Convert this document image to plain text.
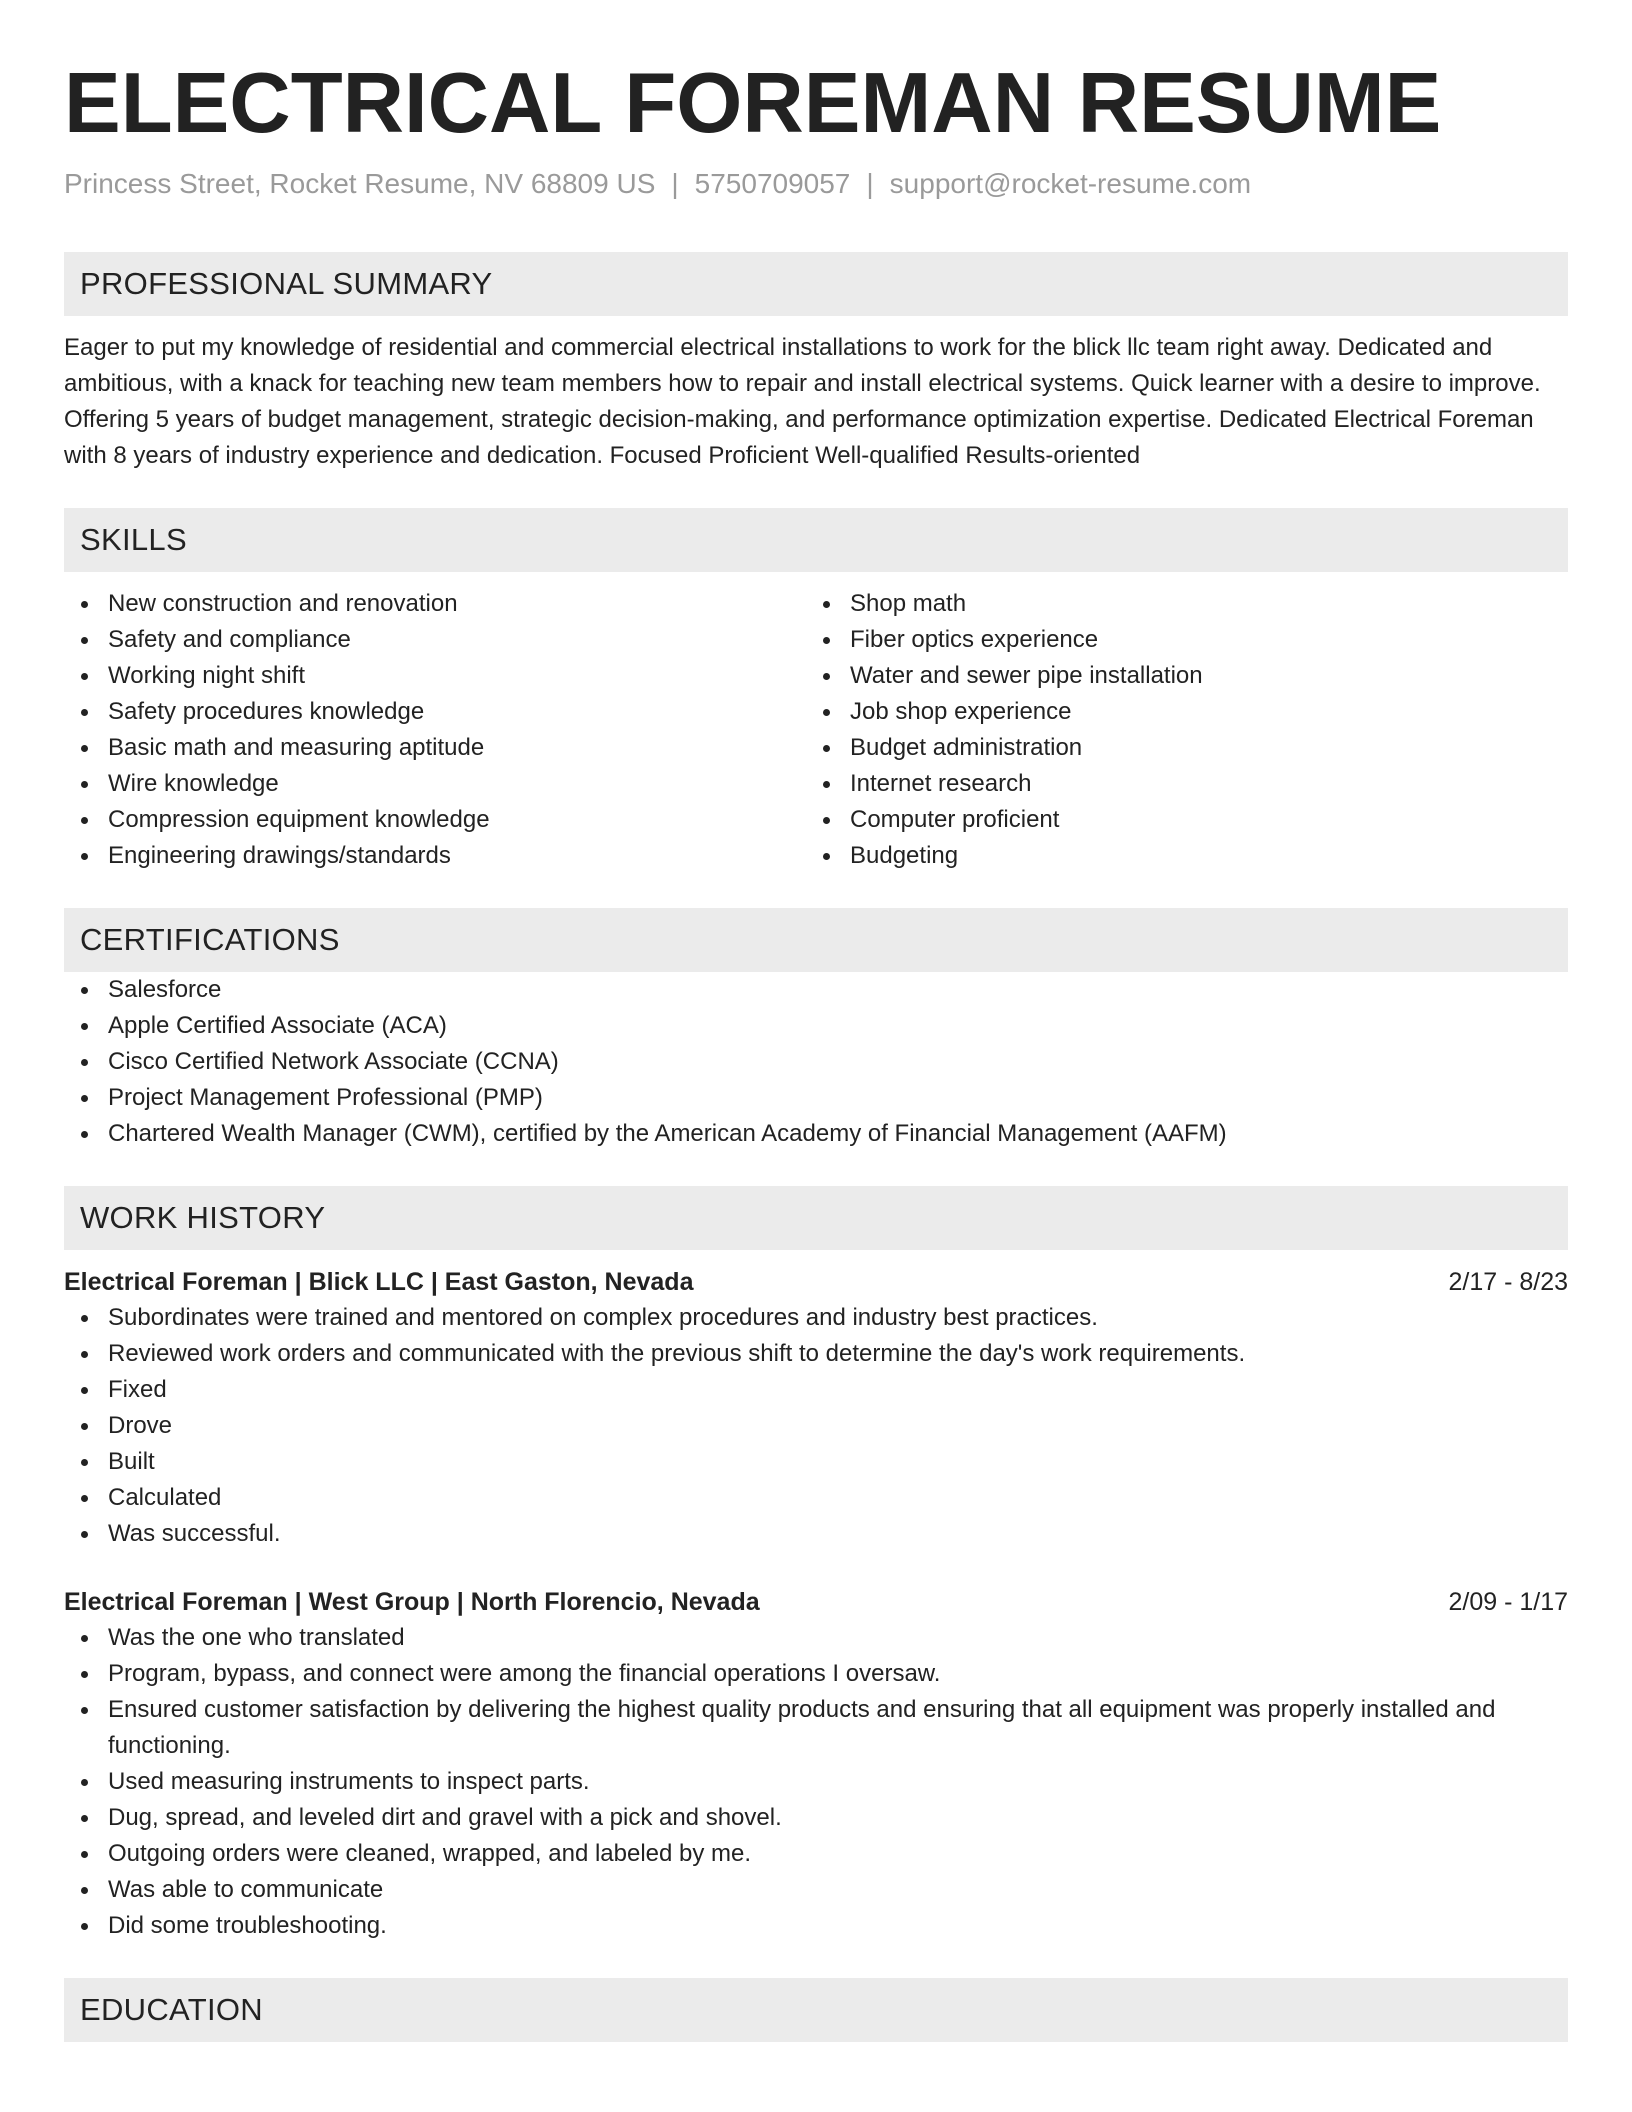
ELECTRICAL FOREMAN RESUME
Princess Street, Rocket Resume, NV 68809 US | 5750709057 | support@rocket-resume.com
PROFESSIONAL SUMMARY
Eager to put my knowledge of residential and commercial electrical installations to work for the blick llc team right away. Dedicated and ambitious, with a knack for teaching new team members how to repair and install electrical systems. Quick learner with a desire to improve. Offering 5 years of budget management, strategic decision-making, and performance optimization expertise. Dedicated Electrical Foreman with 8 years of industry experience and dedication. Focused Proficient Well-qualified Results-oriented
SKILLS
New construction and renovation
Safety and compliance
Working night shift
Safety procedures knowledge
Basic math and measuring aptitude
Wire knowledge
Compression equipment knowledge
Engineering drawings/standards
Shop math
Fiber optics experience
Water and sewer pipe installation
Job shop experience
Budget administration
Internet research
Computer proficient
Budgeting
CERTIFICATIONS
Salesforce
Apple Certified Associate (ACA)
Cisco Certified Network Associate (CCNA)
Project Management Professional (PMP)
Chartered Wealth Manager (CWM), certified by the American Academy of Financial Management (AAFM)
WORK HISTORY
Electrical Foreman | Blick LLC | East Gaston, Nevada	2/17 - 8/23
Subordinates were trained and mentored on complex procedures and industry best practices.
Reviewed work orders and communicated with the previous shift to determine the day's work requirements.
Fixed
Drove
Built
Calculated
Was successful.
Electrical Foreman | West Group | North Florencio, Nevada	2/09 - 1/17
Was the one who translated
Program, bypass, and connect were among the financial operations I oversaw.
Ensured customer satisfaction by delivering the highest quality products and ensuring that all equipment was properly installed and functioning.
Used measuring instruments to inspect parts.
Dug, spread, and leveled dirt and gravel with a pick and shovel.
Outgoing orders were cleaned, wrapped, and labeled by me.
Was able to communicate
Did some troubleshooting.
EDUCATION
